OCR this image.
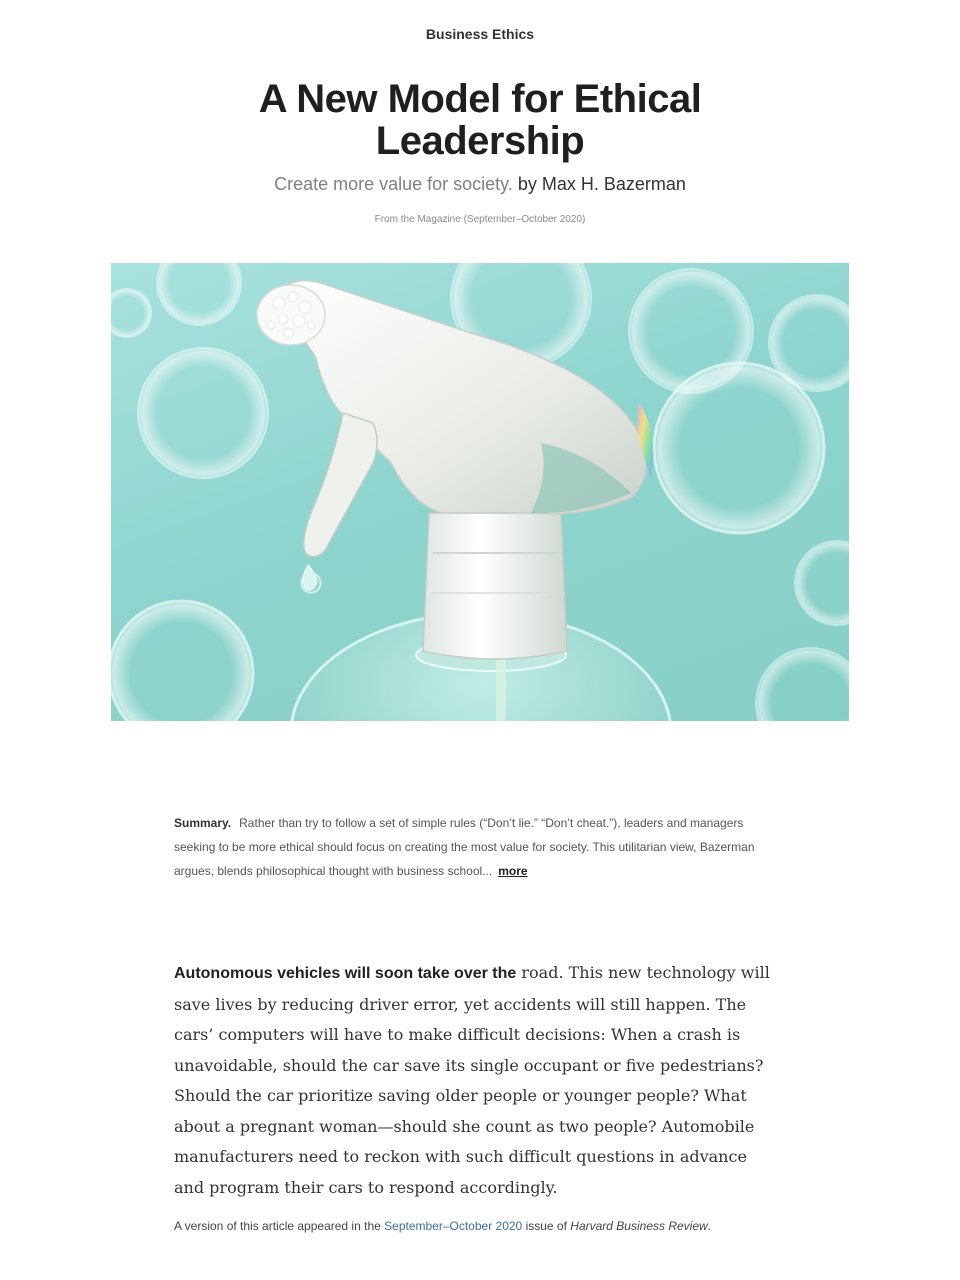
Business Ethics
A New Model for Ethical Leadership
Create more value for society. by Max H. Bazerman
From the Magazine (September–October 2020)
Summary. Rather than try to follow a set of simple rules (“Don’t lie.” “Don’t cheat.”), leaders and managers seeking to be more ethical should focus on creating the most value for society. This utilitarian view, Bazerman argues, blends philosophical thought with business school... more
Autonomous vehicles will soon take over the road. This new technology will save lives by reducing driver error, yet accidents will still happen. The cars’ computers will have to make difficult decisions: When a crash is unavoidable, should the car save its single occupant or five pedestrians? Should the car prioritize saving older people or younger people? What about a pregnant woman—should she count as two people? Automobile manufacturers need to reckon with such difficult questions in advance and program their cars to respond accordingly.
A version of this article appeared in the September–October 2020 issue of Harvard Business Review.
